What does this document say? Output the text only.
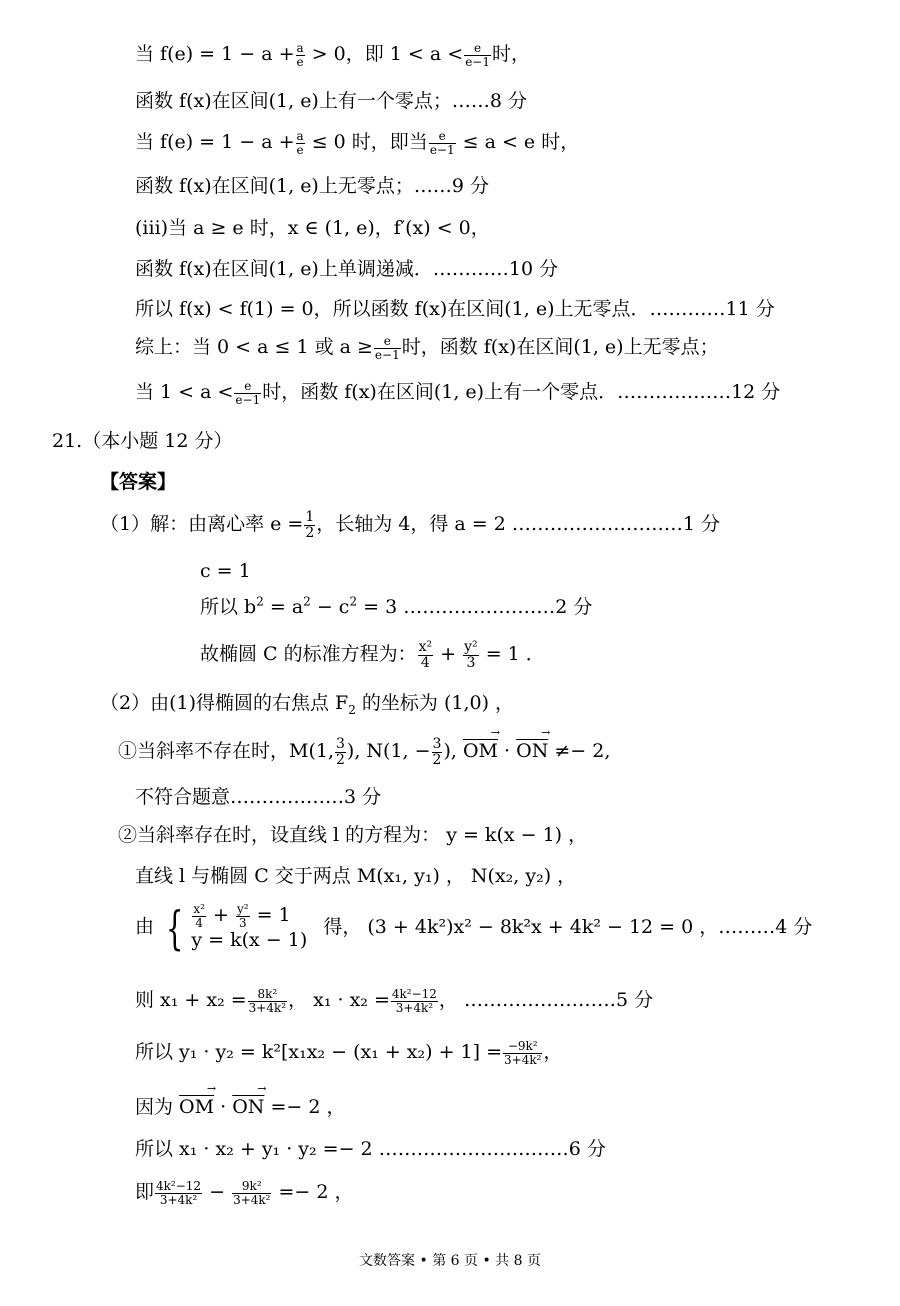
当 $f(e) = 1 - a + \frac{a}{e} > 0$，即 $1 < a < \frac{e}{e-1}$ 时，
函数 f(x)在区间(1, e)上有一个零点；……8 分
当 $f(e) = 1 - a + \frac{a}{e} \le 0$ 时，即当 $\frac{e}{e-1} \le a < e$ 时，
函数 f(x)在区间(1, e)上无零点；……9 分
(iii)当 a ≥ e 时，x ∈ (1, e)，f′(x) < 0，
函数 f(x)在区间(1, e)上单调递减．…………10 分
所以 f(x) < f(1) = 0，所以函数 f(x)在区间(1, e)上无零点．…………11 分
综上：当 0 < a ≤ 1 或 $a \ge \frac{e}{e-1}$ 时，函数 f(x)在区间(1, e)上无零点；
当 $1 < a < \frac{e}{e-1}$ 时，函数 f(x)在区间(1, e)上有一个零点．………………12 分
21.（本小题 12 分）
【答案】
（1）解：由离心率 $e = \frac{1}{2}$ ，长轴为 4，得 a = 2 ………………………1 分
c = 1
所以 $b^2 = a^2 - c^2 = 3$ ……………………2 分
故椭圆 C 的标准方程为： $\frac{\text{x²}}{4} + \frac{\text{y²}}{3} = 1$ ．
（2）由(1)得椭圆的右焦点 $F_2$ 的坐标为 (1,0) ，
①当斜率不存在时，M(1, $\frac{3}{2}$ ), N(1, − $\frac{3}{2}$ ), $\overline{OM}$ → · $\overline{ON}$ → ≠− 2,
不符合题意………………3 分
②当斜率存在时，设直线 l 的方程为： y = k(x − 1) ，
直线 l 与椭圆 C 交于两点 M(x₁, y₁) ， N(x₂, y₂) ，
由 { $\frac{\text{x²}}{4} + \frac{\text{y²}}{3} = 1$
y = k(x − 1)
得， (3 + 4k²)x² − 8k²x + 4k² − 12 = 0 ，………4 分
则 $x_1 + x_2 = \frac{\text{8k²}}{\text{3+4k²}}$ ， $x_1 \cdot x_2 = \frac{\text{4k²−12}}{\text{3+4k²}}$ ， ……………………5 分
所以 $y_1 \cdot y_2 = k^2[x_1x_2 - (x_1 + x_2) + 1] = \frac{\text{−9k²}}{\text{3+4k²}}$ ，
因为 $\overline{OM}$ → · $\overline{ON}$ → =− 2 ，
所以 x₁ · x₂ + y₁ · y₂ =− 2 …………………………6 分
即 $\frac{\text{4k²−12}}{\text{3+4k²}} - \frac{\text{9k²}}{\text{3+4k²}} =- 2$ ，
文数答案 • 第 6 页 • 共 8 页
